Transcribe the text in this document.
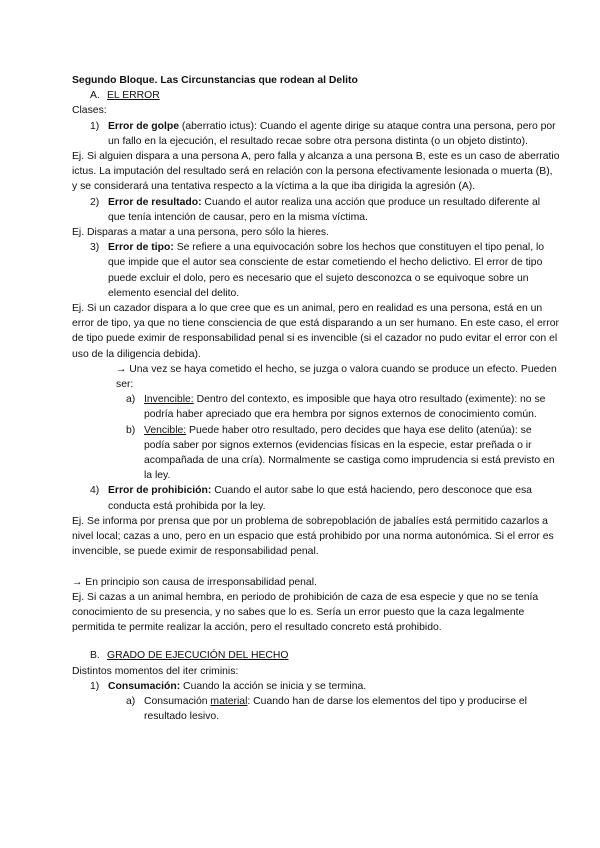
Segundo Bloque. Las Circunstancias que rodean al Delito

A. EL ERROR

Clases:

1) Error de golpe (aberratio ictus): Cuando el agente dirige su ataque contra una persona, pero por un fallo en la ejecución, el resultado recae sobre otra persona distinta (o un objeto distinto).

Ej. Si alguien dispara a una persona A, pero falla y alcanza a una persona B, este es un caso de aberratio ictus. La imputación del resultado será en relación con la persona efectivamente lesionada o muerta (B), y se considerará una tentativa respecto a la víctima a la que iba dirigida la agresión (A).

2) Error de resultado: Cuando el autor realiza una acción que produce un resultado diferente al que tenía intención de causar, pero en la misma víctima.

Ej. Disparas a matar a una persona, pero sólo la hieres.

3) Error de tipo: Se refiere a una equivocación sobre los hechos que constituyen el tipo penal, lo que impide que el autor sea consciente de estar cometiendo el hecho delictivo. El error de tipo puede excluir el dolo, pero es necesario que el sujeto desconozca o se equivoque sobre un elemento esencial del delito.

Ej. Si un cazador dispara a lo que cree que es un animal, pero en realidad es una persona, está en un error de tipo, ya que no tiene consciencia de que está disparando a un ser humano. En este caso, el error de tipo puede eximir de responsabilidad penal si es invencible (si el cazador no pudo evitar el error con el uso de la diligencia debida).

→ Una vez se haya cometido el hecho, se juzga o valora cuando se produce un efecto. Pueden ser:

a) Invencible: Dentro del contexto, es imposible que haya otro resultado (eximente): no se podría haber apreciado que era hembra por signos externos de conocimiento común.

b) Vencible: Puede haber otro resultado, pero decides que haya ese delito (atenúa): se podía saber por signos externos (evidencias físicas en la especie, estar preñada o ir acompañada de una cría). Normalmente se castiga como imprudencia si está previsto en la ley.

4) Error de prohibición: Cuando el autor sabe lo que está haciendo, pero desconoce que esa conducta está prohibida por la ley.

Ej. Se informa por prensa que por un problema de sobrepoblación de jabalíes está permitido cazarlos a nivel local; cazas a uno, pero en un espacio que está prohibido por una norma autonómica. Si el error es invencible, se puede eximir de responsabilidad penal.

→ En principio son causa de irresponsabilidad penal.

Ej. Si cazas a un animal hembra, en periodo de prohibición de caza de esa especie y que no se tenía conocimiento de su presencia, y no sabes que lo es. Sería un error puesto que la caza legalmente permitida te permite realizar la acción, pero el resultado concreto está prohibido.

B. GRADO DE EJECUCIÓN DEL HECHO

Distintos momentos del iter criminis:

1) Consumación: Cuando la acción se inicia y se termina.

a) Consumación material: Cuando han de darse los elementos del tipo y producirse el resultado lesivo.
